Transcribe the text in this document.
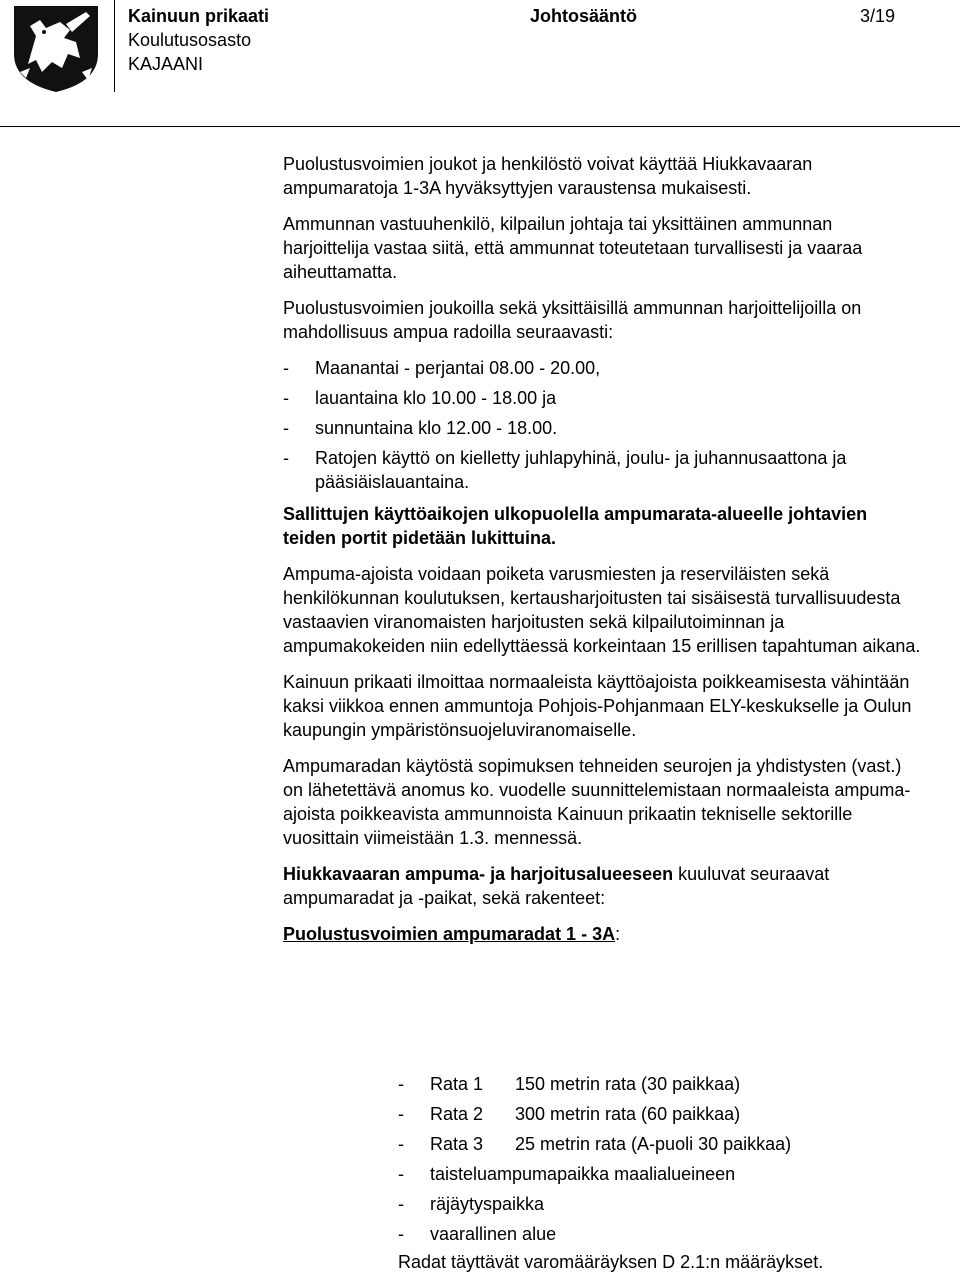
Kainuun prikaati
Koulutusosasto
KAJAANI
Johtosääntö	3/19

Puolustusvoimien joukot ja henkilöstö voivat käyttää Hiukkavaaran ampumaratoja 1-3A hyväksyttyjen varaustensa mukaisesti.

Ammunnan vastuuhenkilö, kilpailun johtaja tai yksittäinen ammunnan harjoittelija vastaa siitä, että ammunnat toteutetaan turvallisesti ja vaaraa aiheuttamatta.

Puolustusvoimien joukoilla sekä yksittäisillä ammunnan harjoittelijoilla on mahdollisuus ampua radoilla seuraavasti:

- Maanantai - perjantai 08.00 - 20.00,
- lauantaina klo 10.00 - 18.00 ja
- sunnuntaina klo 12.00 - 18.00.
- Ratojen käyttö on kielletty juhlapyhinä, joulu- ja juhannusaattona ja pääsiäislauantaina.

Sallittujen käyttöaikojen ulkopuolella ampumarata-alueelle johtavien teiden portit pidetään lukittuina.

Ampuma-ajoista voidaan poiketa varusmiesten ja reserviläisten sekä henkilökunnan koulutuksen, kertausharjoitusten tai sisäisestä turvallisuudesta vastaavien viranomaisten harjoitusten sekä kilpailutoiminnan ja ampumakokeiden niin edellyttäessä korkeintaan 15 erillisen tapahtuman aikana.

Kainuun prikaati ilmoittaa normaaleista käyttöajoista poikkeamisesta vähintään kaksi viikkoa ennen ammuntoja Pohjois-Pohjanmaan ELY-keskukselle ja Oulun kaupungin ympäristönsuojeluviranomaiselle.

Ampumaradan käytöstä sopimuksen tehneiden seurojen ja yhdistysten (vast.) on lähetettävä anomus ko. vuodelle suunnittelemistaan normaaleista ampuma-ajoista poikkeavista ammunnoista Kainuun prikaatin tekniselle sektorille vuosittain viimeistään 1.3. mennessä.

Hiukkavaaran ampuma- ja harjoitusalueeseen kuuluvat seuraavat ampumaradat ja -paikat, sekä rakenteet:

Puolustusvoimien ampumaradat 1 - 3A:

- Rata 1 150 metrin rata (30 paikkaa)
- Rata 2 300 metrin rata (60 paikkaa)
- Rata 3 25 metrin rata (A-puoli 30 paikkaa)
- taisteluampumapaikka maalialueineen
- räjäytyspaikka
- vaarallinen alue
Radat täyttävät varomääräyksen D 2.1:n määräykset.
